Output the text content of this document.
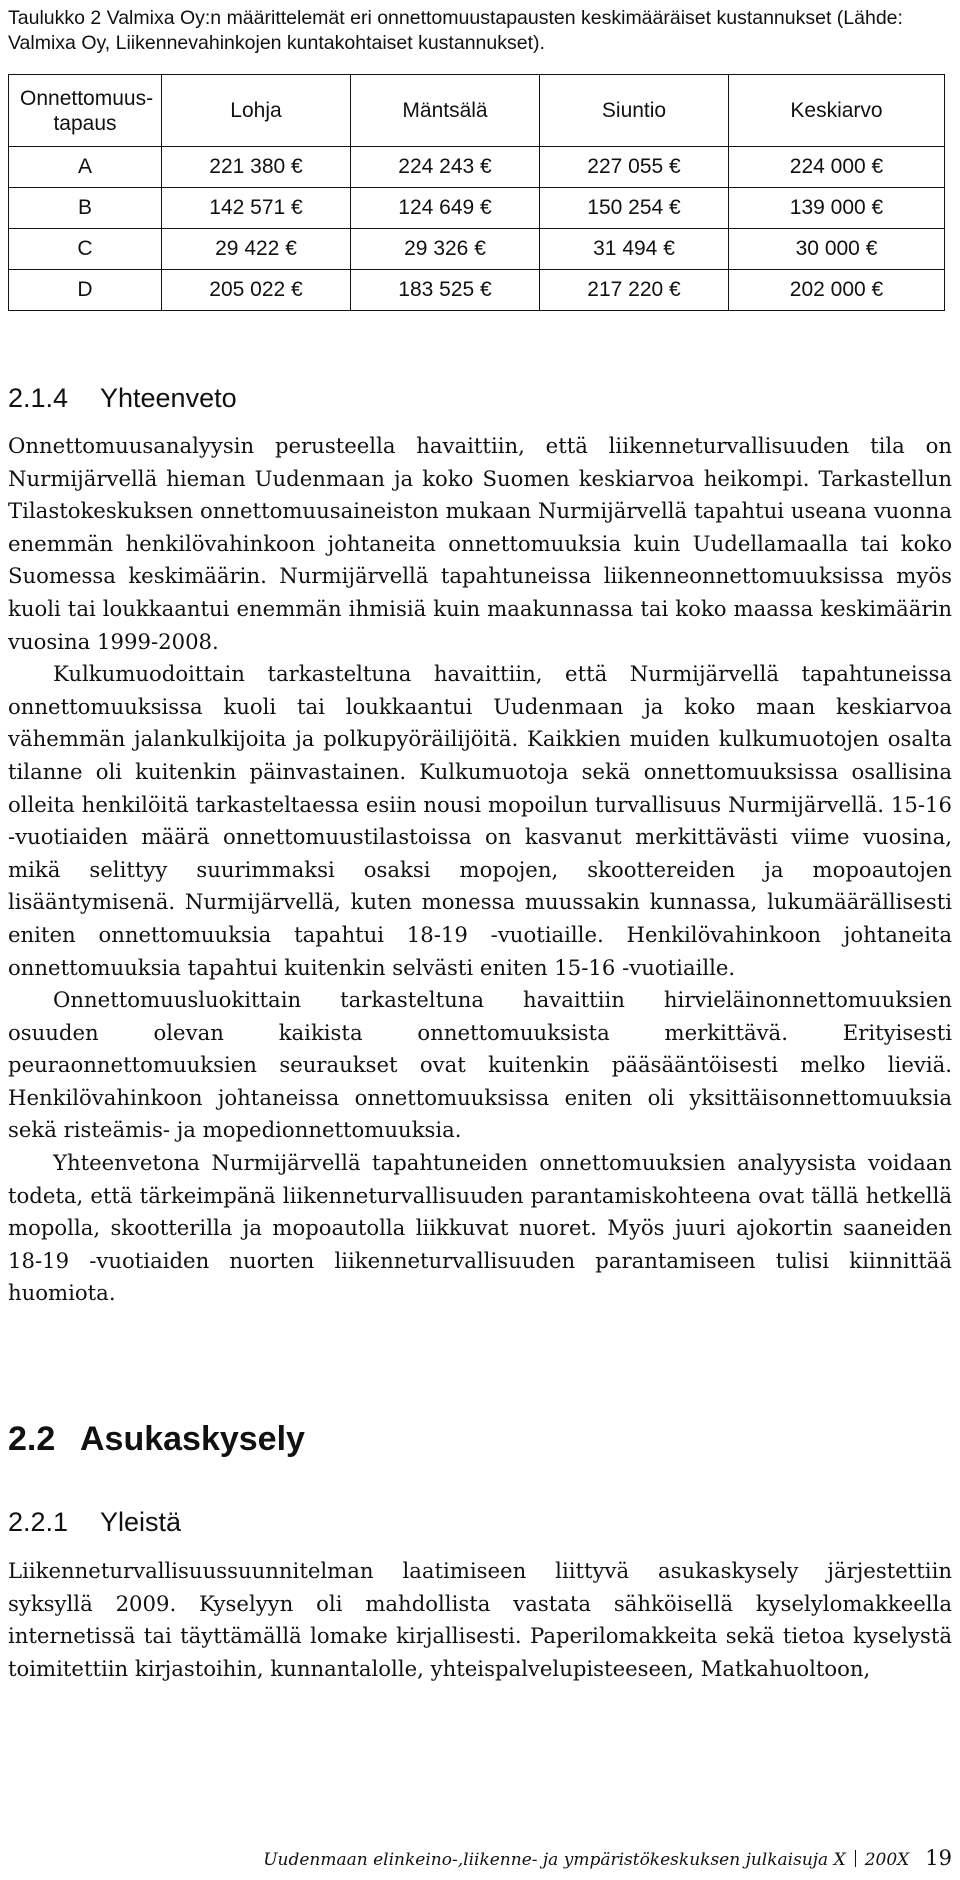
Taulukko 2 Valmixa Oy:n määrittelemät eri onnettomuustapausten keskimääräiset kustannukset (Lähde: Valmixa Oy, Liikennevahinkojen kuntakohtaiset kustannukset).
Onnettomuus-tapaus	Lohja	Mäntsälä	Siuntio	Keskiarvo
A	221 380 €	224 243 €	227 055 €	224 000 €
B	142 571 €	124 649 €	150 254 €	139 000 €
C	29 422 €	29 326 €	31 494 €	30 000 €
D	205 022 €	183 525 €	217 220 €	202 000 €
2.1.4 Yhteenveto

Onnettomuusanalyysin perusteella havaittiin, että liikenneturvallisuuden tila on Nurmijärvellä hieman Uudenmaan ja koko Suomen keskiarvoa heikompi. Tarkastellun Tilastokeskuksen onnettomuusaineiston mukaan Nurmijärvellä tapahtui useana vuonna enemmän henkilövahinkoon johtaneita onnettomuuksia kuin Uudellamaalla tai koko Suomessa keskimäärin. Nurmijärvellä tapahtuneissa liikenneonnettomuuksissa myös kuoli tai loukkaantui enemmän ihmisiä kuin maakunnassa tai koko maassa keskimäärin vuosina 1999-2008.

Kulkumuodoittain tarkasteltuna havaittiin, että Nurmijärvellä tapahtuneissa onnettomuuksissa kuoli tai loukkaantui Uudenmaan ja koko maan keskiarvoa vähemmän jalankulkijoita ja polkupyöräilijöitä. Kaikkien muiden kulkumuotojen osalta tilanne oli kuitenkin päinvastainen. Kulkumuotoja sekä onnettomuuksissa osallisina olleita henkilöitä tarkasteltaessa esiin nousi mopoilun turvallisuus Nurmijärvellä. 15-16 -vuotiaiden määrä onnettomuustilastoissa on kasvanut merkittävästi viime vuosina, mikä selittyy suurimmaksi osaksi mopojen, skoottereiden ja mopoautojen lisääntymisenä. Nurmijärvellä, kuten monessa muussakin kunnassa, lukumäärällisesti eniten onnettomuuksia tapahtui 18-19 -vuotiaille. Henkilövahinkoon johtaneita onnettomuuksia tapahtui kuitenkin selvästi eniten 15-16 -vuotiaille.

Onnettomuusluokittain tarkasteltuna havaittiin hirvieläinonnettomuuksien osuuden olevan kaikista onnettomuuksista merkittävä. Erityisesti peuraonnettomuuksien seuraukset ovat kuitenkin pääsääntöisesti melko lieviä. Henkilövahinkoon johtaneissa onnettomuuksissa eniten oli yksittäisonnettomuuksia sekä risteämis- ja mopedionnettomuuksia.

Yhteenvetona Nurmijärvellä tapahtuneiden onnettomuuksien analyysista voidaan todeta, että tärkeimpänä liikenneturvallisuuden parantamiskohteena ovat tällä hetkellä mopolla, skootterilla ja mopoautolla liikkuvat nuoret. Myös juuri ajokortin saaneiden 18-19 -vuotiaiden nuorten liikenneturvallisuuden parantamiseen tulisi kiinnittää huomiota.

2.2 Asukaskysely
2.2.1 Yleistä

Liikenneturvallisuussuunnitelman laatimiseen liittyvä asukaskysely järjestettiin syksyllä 2009. Kyselyyn oli mahdollista vastata sähköisellä kyselylomakkeella internetissä tai täyttämällä lomake kirjallisesti. Paperilomakkeita sekä tietoa kyselystä toimitettiin kirjastoihin, kunnantalolle, yhteispalvelupisteeseen, Matkahuoltoon,

Uudenmaan elinkeino-,liikenne- ja ympäristökeskuksen julkaisuja X 200X 19
